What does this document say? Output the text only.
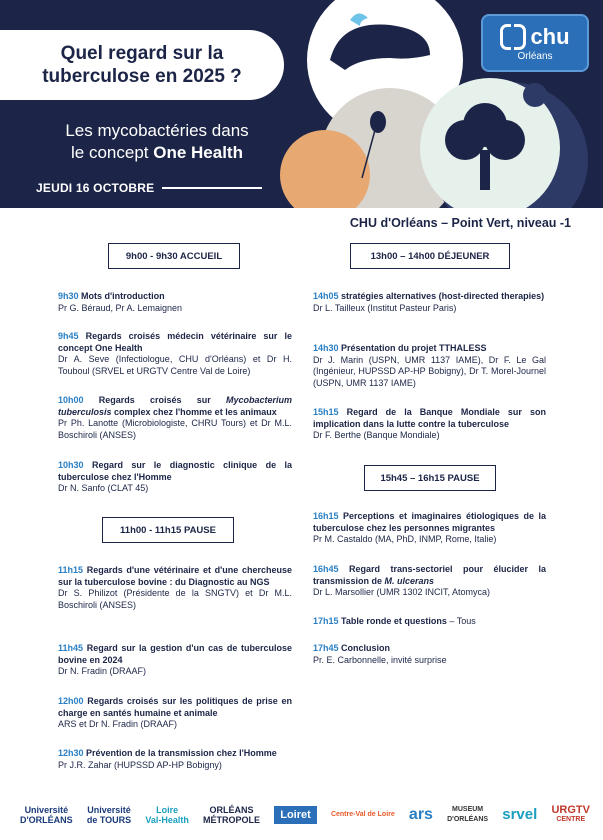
Quel regard sur la
tuberculose en 2025 ?
Les mycobactéries dans
le concept One Health
JEUDI 16 OCTOBRE
chu
Orléans
CHU d'Orléans – Point Vert, niveau -1
9h00 - 9h30 ACCUEIL	13h00 – 14h00 DÉJEUNER
11h00 - 11h15 PAUSE
15h45 – 16h15 PAUSE
9h30 Mots d'introduction
Pr G. Béraud, Pr A. Lemaignen
9h45 Regards croisés médecin vétérinaire sur le concept One Health
Dr A. Seve (Infectiologue, CHU d'Orléans) et Dr H. Touboul (SRVEL et URGTV Centre Val de Loire)
10h00 Regards croisés sur Mycobacterium tuberculosis complex chez l'homme et les animaux
Pr Ph. Lanotte (Microbiologiste, CHRU Tours) et Dr M.L. Boschiroli (ANSES)
10h30 Regard sur le diagnostic clinique de la tuberculose chez l'Homme
Dr N. Sanfo (CLAT 45)
11h15 Regards d'une vétérinaire et d'une chercheuse sur la tuberculose bovine : du Diagnostic au NGS
Dr S. Philizot (Présidente de la SNGTV) et Dr M.L. Boschiroli (ANSES)
11h45 Regard sur la gestion d'un cas de tuberculose bovine en 2024
Dr N. Fradin (DRAAF)
12h00 Regards croisés sur les politiques de prise en charge en santés humaine et animale
ARS et Dr N. Fradin (DRAAF)
12h30 Prévention de la transmission chez l'Homme
Pr J.R. Zahar (HUPSSD AP-HP Bobigny)
14h05 stratégies alternatives (host-directed therapies)
Dr L. Tailleux (Institut Pasteur Paris)
14h30 Présentation du projet TTHALESS
Dr J. Marin (USPN, UMR 1137 IAME), Dr F. Le Gal (Ingénieur, HUPSSD AP-HP Bobigny), Dr T. Morel-Journel (USPN, UMR 1137 IAME)
15h15 Regard de la Banque Mondiale sur son implication dans la lutte contre la tuberculose
Dr F. Berthe (Banque Mondiale)
16h15 Perceptions et imaginaires étiologiques de la tuberculose chez les personnes migrantes
Pr M. Castaldo (MA, PhD, INMP, Rome, Italie)
16h45 Regard trans-sectoriel pour élucider la transmission de M. ulcerans
Dr L. Marsollier (UMR 1302 INCIT, Atomyca)
17h15 Table ronde et questions – Tous
17h45 Conclusion
Pr. E. Carbonnelle, invité surprise
Université
D'ORLÉANS
Université
de TOURS
Loire
Val-Health
ORLÉANS
MÉTROPOLE Loiret	Centre-Val de Loire ars	MUSEUM
D'ORLÉANS srvel URGTV
CENTRE
